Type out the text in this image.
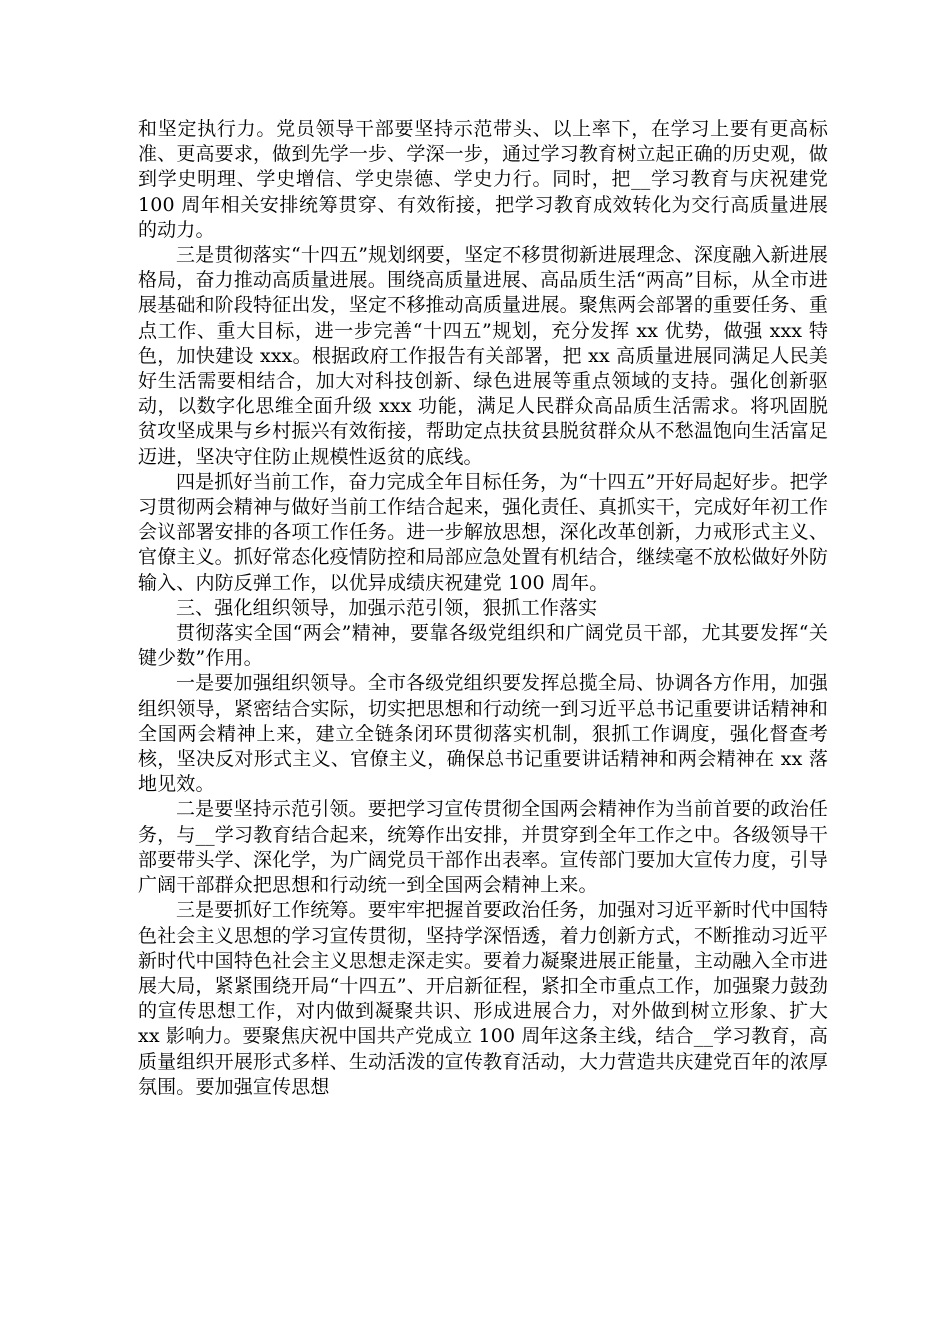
和坚定执行力。党员领导干部要坚持示范带头、以上率下，在学习上要有更高标准、更高要求，做到先学一步、学深一步，通过学习教育树立起正确的历史观，做到学史明理、学史增信、学史崇德、学史力行。同时，把__学习教育与庆祝建党 100 周年相关安排统筹贯穿、有效衔接，把学习教育成效转化为交行高质量进展的动力。

三是贯彻落实“十四五”规划纲要，坚定不移贯彻新进展理念、深度融入新进展格局，奋力推动高质量进展。围绕高质量进展、高品质生活“两高”目标，从全市进展基础和阶段特征出发，坚定不移推动高质量进展。聚焦两会部署的重要任务、重点工作、重大目标，进一步完善“十四五”规划，充分发挥 xx 优势，做强 xxx 特色，加快建设 xxx。根据政府工作报告有关部署，把 xx 高质量进展同满足人民美好生活需要相结合，加大对科技创新、绿色进展等重点领域的支持。强化创新驱动，以数字化思维全面升级 xxx 功能，满足人民群众高品质生活需求。将巩固脱贫攻坚成果与乡村振兴有效衔接，帮助定点扶贫县脱贫群众从不愁温饱向生活富足迈进，坚决守住防止规模性返贫的底线。

四是抓好当前工作，奋力完成全年目标任务，为“十四五”开好局起好步。把学习贯彻两会精神与做好当前工作结合起来，强化责任、真抓实干，完成好年初工作会议部署安排的各项工作任务。进一步解放思想，深化改革创新，力戒形式主义、官僚主义。抓好常态化疫情防控和局部应急处置有机结合，继续毫不放松做好外防输入、内防反弹工作，以优异成绩庆祝建党 100 周年。

三、强化组织领导，加强示范引领，狠抓工作落实

贯彻落实全国“两会”精神，要靠各级党组织和广阔党员干部，尤其要发挥“关键少数”作用。

一是要加强组织领导。全市各级党组织要发挥总揽全局、协调各方作用，加强组织领导，紧密结合实际，切实把思想和行动统一到习近平总书记重要讲话精神和全国两会精神上来，建立全链条闭环贯彻落实机制，狠抓工作调度，强化督查考核，坚决反对形式主义、官僚主义，确保总书记重要讲话精神和两会精神在 xx 落地见效。

二是要坚持示范引领。要把学习宣传贯彻全国两会精神作为当前首要的政治任务，与__学习教育结合起来，统筹作出安排，并贯穿到全年工作之中。各级领导干部要带头学、深化学，为广阔党员干部作出表率。宣传部门要加大宣传力度，引导广阔干部群众把思想和行动统一到全国两会精神上来。

三是要抓好工作统筹。要牢牢把握首要政治任务，加强对习近平新时代中国特色社会主义思想的学习宣传贯彻，坚持学深悟透，着力创新方式，不断推动习近平新时代中国特色社会主义思想走深走实。要着力凝聚进展正能量，主动融入全市进展大局，紧紧围绕开局“十四五”、开启新征程，紧扣全市重点工作，加强聚力鼓劲的宣传思想工作，对内做到凝聚共识、形成进展合力，对外做到树立形象、扩大 xx 影响力。要聚焦庆祝中国共产党成立 100 周年这条主线，结合__学习教育，高质量组织开展形式多样、生动活泼的宣传教育活动，大力营造共庆建党百年的浓厚氛围。要加强宣传思想
